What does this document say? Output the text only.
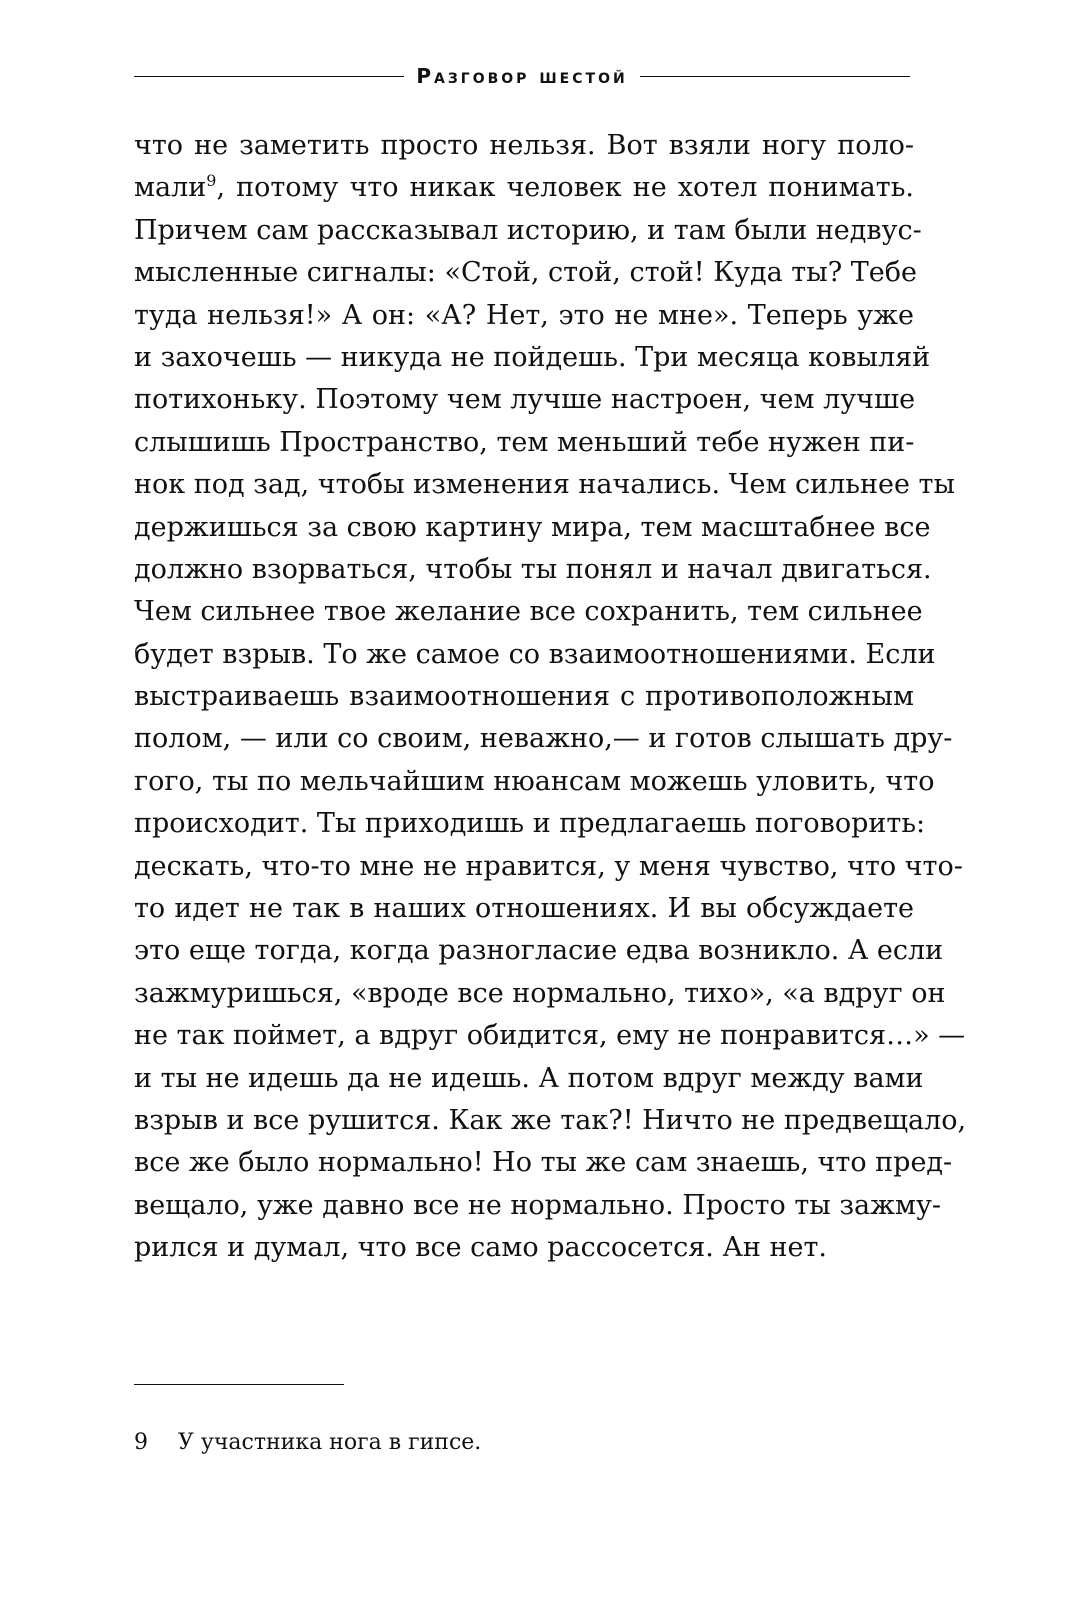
Разговор шестой
что не заметить просто нельзя. Вот взяли ногу поло-
мали$^9$, потому что никак человек не хотел понимать.
Причем сам рассказывал историю, и там были недвус-
мысленные сигналы: «Стой, стой, стой! Куда ты? Тебе
туда нельзя!» А он: «А? Нет, это не мне». Теперь уже
и захочешь — никуда не пойдешь. Три месяца ковыляй
потихоньку. Поэтому чем лучше настроен, чем лучше
слышишь Пространство, тем меньший тебе нужен пи-
нок под зад, чтобы изменения начались. Чем сильнее ты
держишься за свою картину мира, тем масштабнее все
должно взорваться, чтобы ты понял и начал двигаться.
Чем сильнее твое желание все сохранить, тем сильнее
будет взрыв. То же самое со взаимоотношениями. Если
выстраиваешь взаимоотношения с противоположным
полом, — или со своим, неважно,— и готов слышать дру-
гого, ты по мельчайшим нюансам можешь уловить, что
происходит. Ты приходишь и предлагаешь поговорить:
дескать, что-то мне не нравится, у меня чувство, что что-
то идет не так в наших отношениях. И вы обсуждаете
это еще тогда, когда разногласие едва возникло. А если
зажмуришься, «вроде все нормально, тихо», «а вдруг он
не так поймет, а вдруг обидится, ему не понравится…» —
и ты не идешь да не идешь. А потом вдруг между вами
взрыв и все рушится. Как же так?! Ничто не предвещало,
все же было нормально! Но ты же сам знаешь, что пред-
вещало, уже давно все не нормально. Просто ты зажму-
рился и думал, что все само рассосется. Ан нет.
9 У участника нога в гипсе.
